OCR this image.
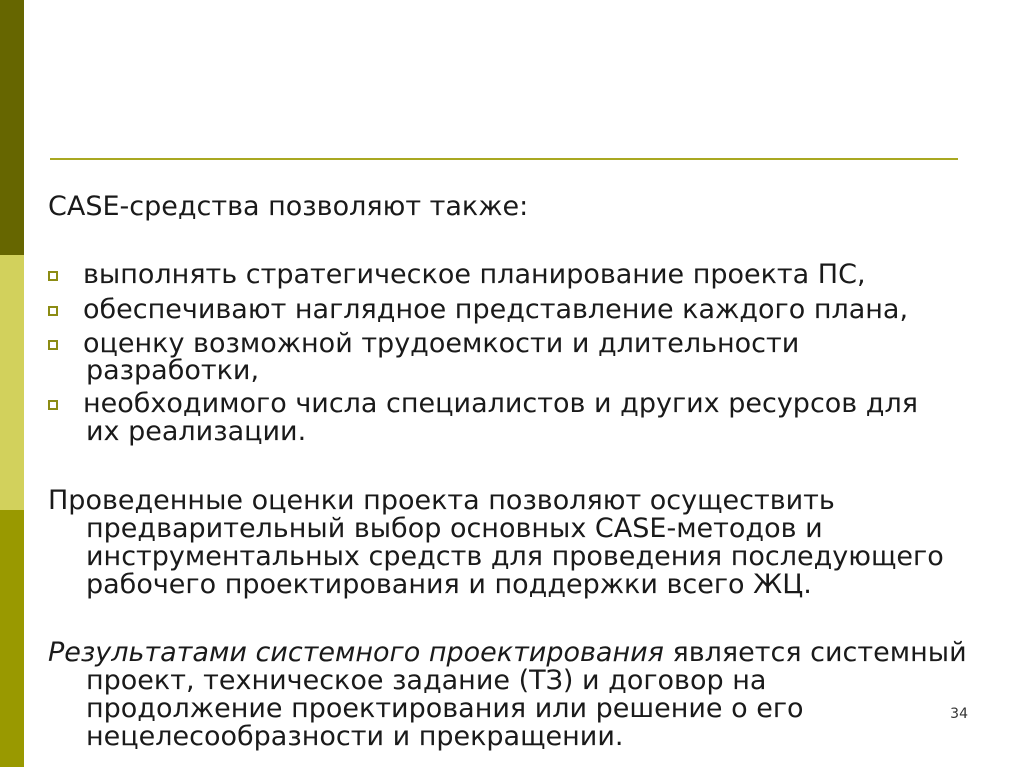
CASE-средства позволяют также:

выполнять стратегическое планирование проекта ПС,

обеспечивают наглядное представление каждого плана,

оценку возможной трудоемкости и длительности

разработки,

необходимого числа специалистов и других ресурсов для

их реализации.

Проведенные оценки проекта позволяют осуществить

предварительный выбор основных CASE-методов и

инструментальных средств для проведения последующего

рабочего проектирования и поддержки всего ЖЦ.

Результатами системного проектирования является системный

проект, техническое задание (ТЗ) и договор на

продолжение проектирования или решение о его

нецелесообразности и прекращении.

34
